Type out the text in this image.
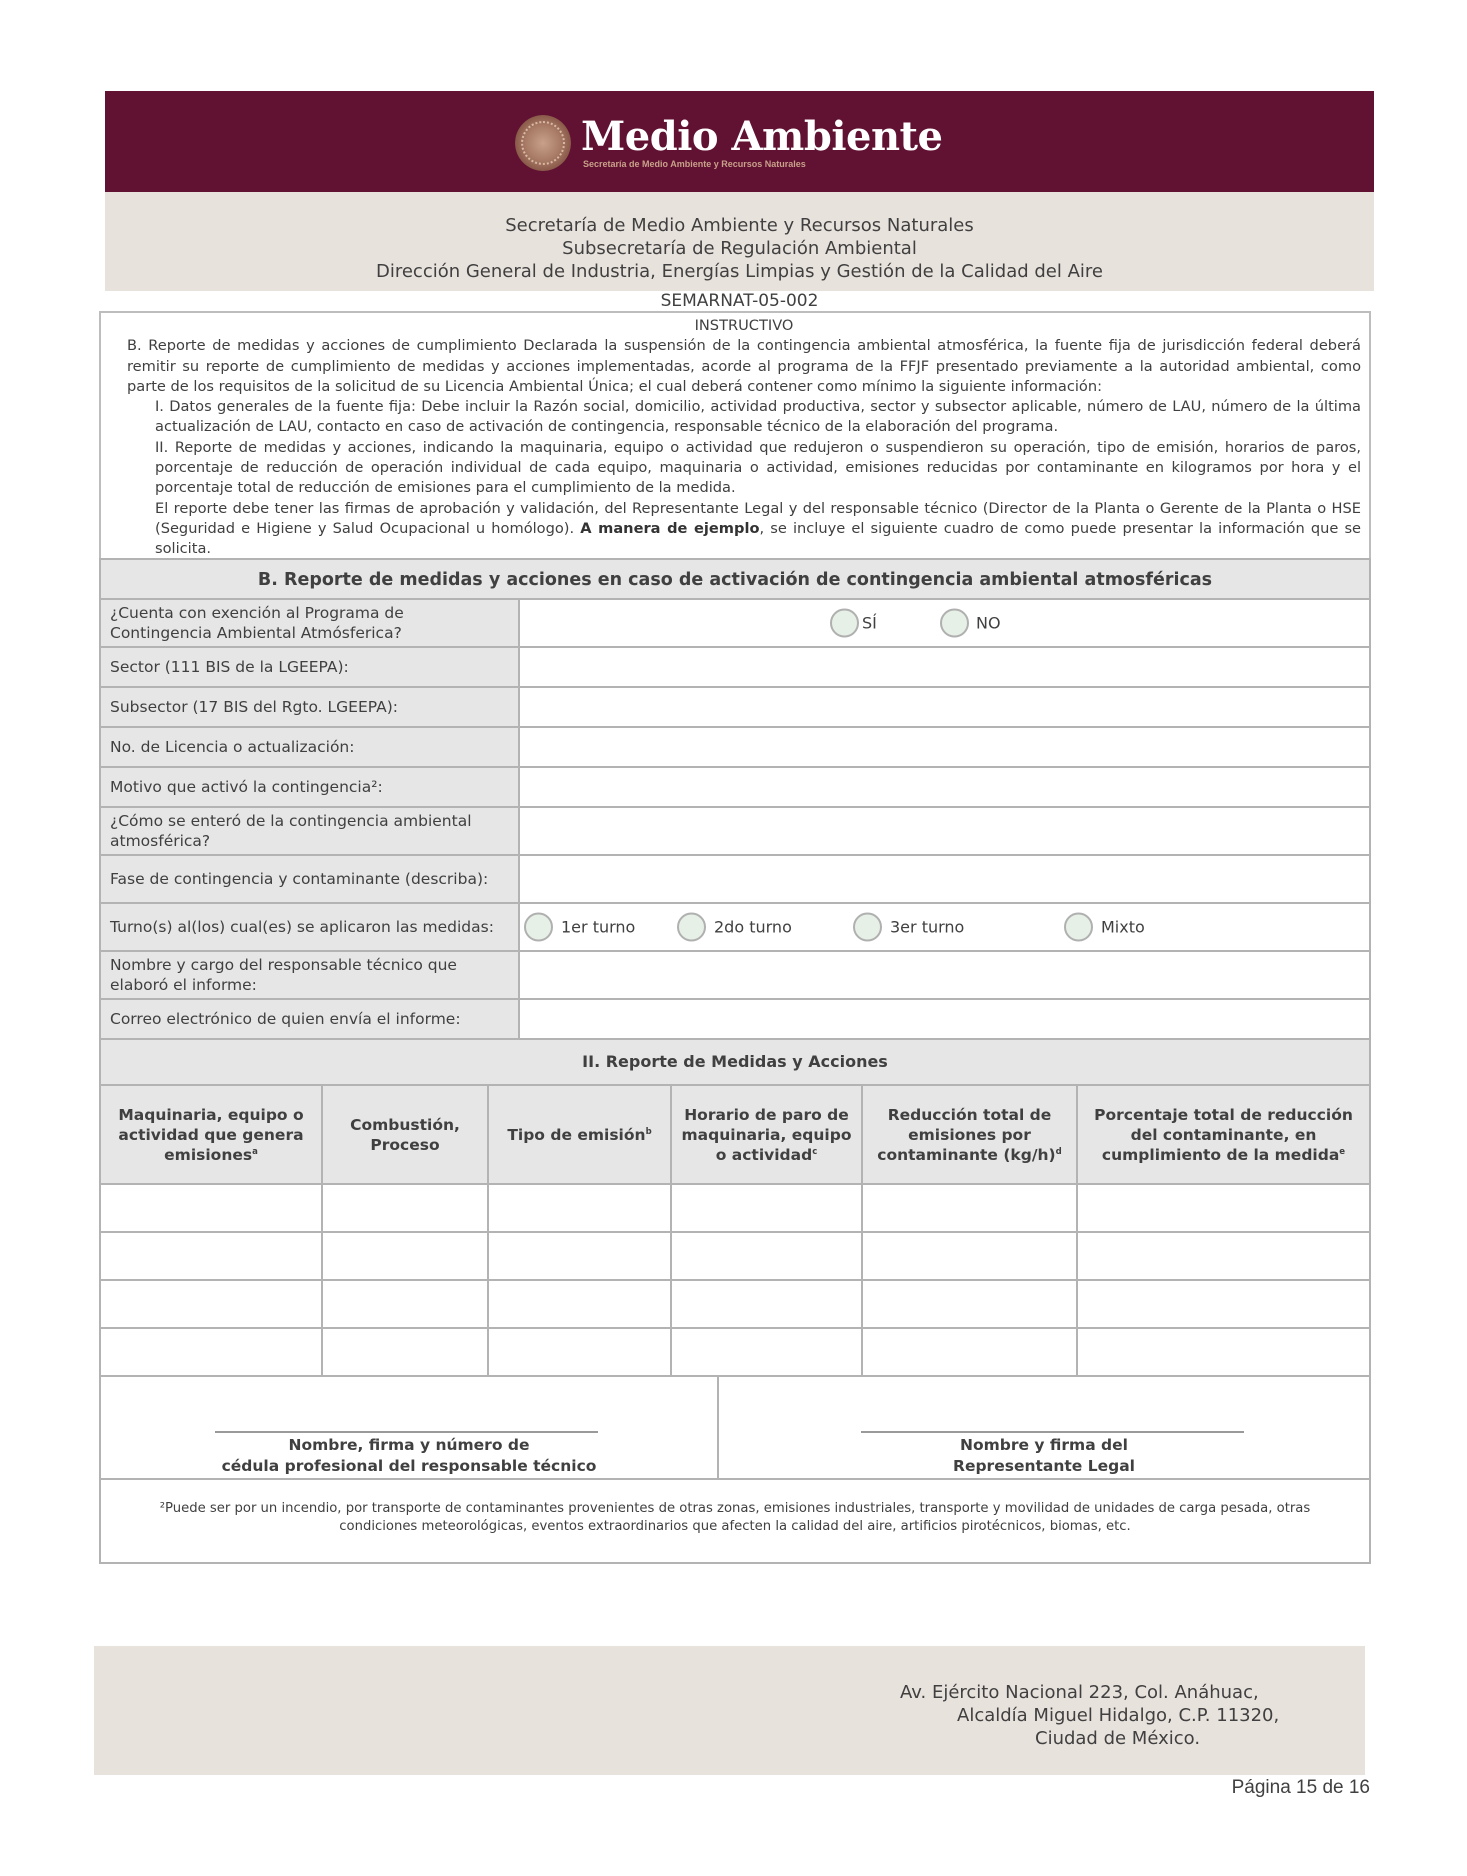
Medio Ambiente
Secretaría de Medio Ambiente y Recursos Naturales
Secretaría de Medio Ambiente y Recursos Naturales
Subsecretaría de Regulación Ambiental
Dirección General de Industria, Energías Limpias y Gestión de la Calidad del Aire
SEMARNAT-05-002
INSTRUCTIVO
B. Reporte de medidas y acciones de cumplimiento Declarada la suspensión de la contingencia ambiental atmosférica, la fuente fija de jurisdicción federal deberá remitir su reporte de cumplimiento de medidas y acciones implementadas, acorde al programa de la FFJF presentado previamente a la autoridad ambiental, como parte de los requisitos de la solicitud de su Licencia Ambiental Única; el cual deberá contener como mínimo la siguiente información:
I. Datos generales de la fuente fija: Debe incluir la Razón social, domicilio, actividad productiva, sector y subsector aplicable, número de LAU, número de la última actualización de LAU, contacto en caso de activación de contingencia, responsable técnico de la elaboración del programa.
II. Reporte de medidas y acciones, indicando la maquinaria, equipo o actividad que redujeron o suspendieron su operación, tipo de emisión, horarios de paros, porcentaje de reducción de operación individual de cada equipo, maquinaria o actividad, emisiones reducidas por contaminante en kilogramos por hora y el porcentaje total de reducción de emisiones para el cumplimiento de la medida.
El reporte debe tener las firmas de aprobación y validación, del Representante Legal y del responsable técnico (Director de la Planta o Gerente de la Planta o HSE (Seguridad e Higiene y Salud Ocupacional u homólogo). A manera de ejemplo, se incluye el siguiente cuadro de como puede presentar la información que se solicita.
B. Reporte de medidas y acciones en caso de activación de contingencia ambiental atmosféricas
¿Cuenta con exención al Programa de Contingencia Ambiental Atmósferica?
SÍ	NO
Sector (111 BIS de la LGEEPA):
Subsector (17 BIS del Rgto. LGEEPA):
No. de Licencia o actualización:
Motivo que activó la contingencia²:
¿Cómo se enteró de la contingencia ambiental atmosférica?
Fase de contingencia y contaminante (describa):
Turno(s) al(los) cual(es) se aplicaron las medidas:	1er turno	2do turno	3er turno	Mixto
Nombre y cargo del responsable técnico que elaboró el informe:
Correo electrónico de quien envía el informe:
II. Reporte de Medidas y Acciones
Maquinaria, equipo o actividad que genera emisiones$^a$	Combustión, Proceso	Tipo de emisión$^b$	Horario de paro de maquinaria, equipo o actividad$^c$	Reducción total de emisiones por contaminante $(kg/h)^d$	Porcentaje total de reducción del contaminante, en cumplimiento de la medida$^e$

Nombre, firma y número de
cédula profesional del responsable técnico
Nombre y firma del
Representante Legal
²Puede ser por un incendio, por transporte de contaminantes provenientes de otras zonas, emisiones industriales, transporte y movilidad de unidades de carga pesada, otras
condiciones meteorológicas, eventos extraordinarios que afecten la calidad del aire, artificios pirotécnicos, biomas, etc.
Av. Ejército Nacional 223, Col. Anáhuac,
Alcaldía Miguel Hidalgo, C.P. 11320,
Ciudad de México.
Página 15 de 16
